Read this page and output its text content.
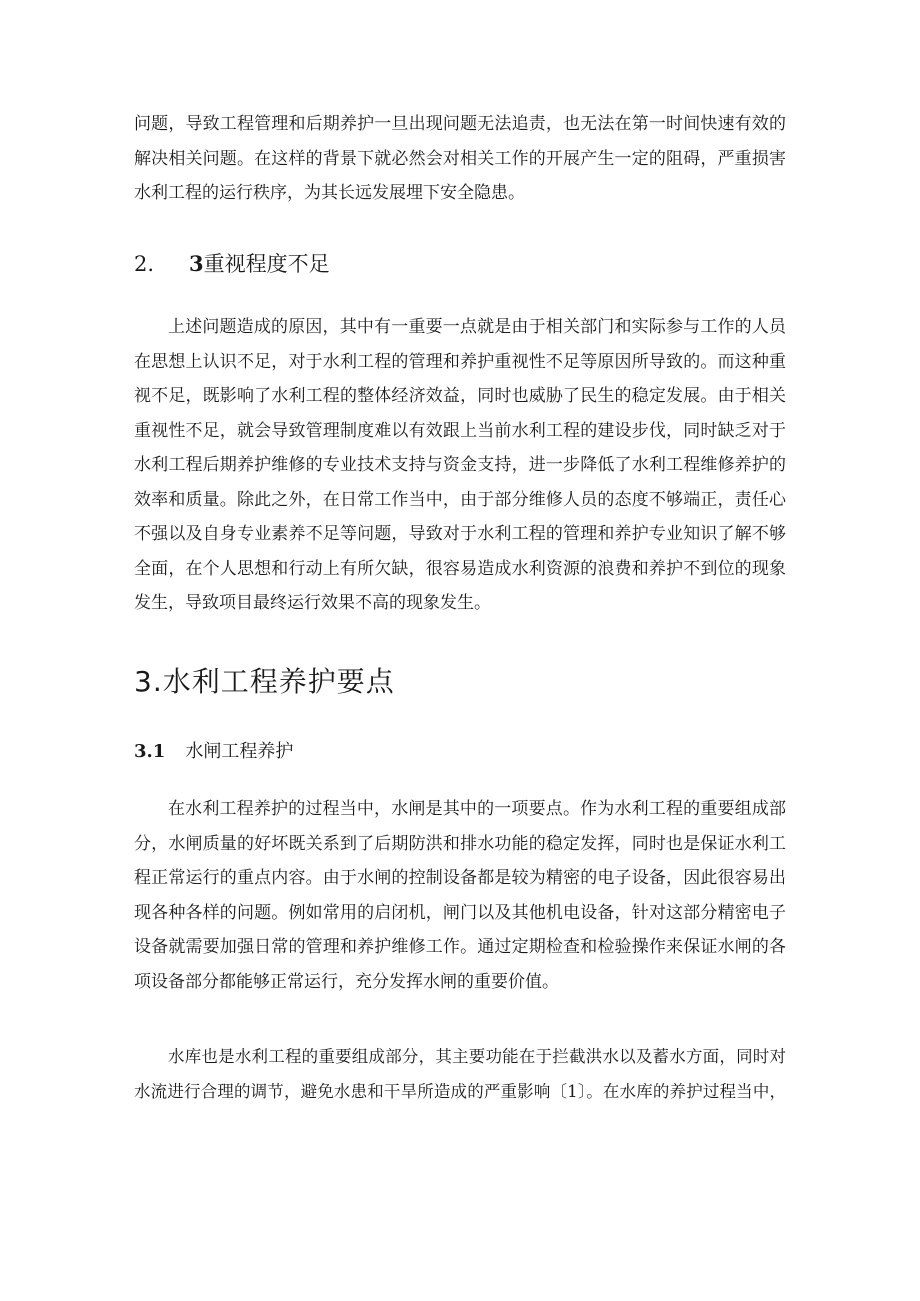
问题，导致工程管理和后期养护一旦出现问题无法追责，也无法在第一时间快速有效的
解决相关问题。在这样的背景下就必然会对相关工作的开展产生一定的阻碍，严重损害
水利工程的运行秩序，为其长远发展埋下安全隐患。
2. 3重视程度不足
上述问题造成的原因，其中有一重要一点就是由于相关部门和实际参与工作的人员
在思想上认识不足，对于水利工程的管理和养护重视性不足等原因所导致的。而这种重
视不足，既影响了水利工程的整体经济效益，同时也威胁了民生的稳定发展。由于相关
重视性不足，就会导致管理制度难以有效跟上当前水利工程的建设步伐，同时缺乏对于
水利工程后期养护维修的专业技术支持与资金支持，进一步降低了水利工程维修养护的
效率和质量。除此之外，在日常工作当中，由于部分维修人员的态度不够端正，责任心
不强以及自身专业素养不足等问题，导致对于水利工程的管理和养护专业知识了解不够
全面，在个人思想和行动上有所欠缺，很容易造成水利资源的浪费和养护不到位的现象
发生，导致项目最终运行效果不高的现象发生。
3.水利工程养护要点
3.1 水闸工程养护
在水利工程养护的过程当中，水闸是其中的一项要点。作为水利工程的重要组成部
分，水闸质量的好坏既关系到了后期防洪和排水功能的稳定发挥，同时也是保证水利工
程正常运行的重点内容。由于水闸的控制设备都是较为精密的电子设备，因此很容易出
现各种各样的问题。例如常用的启闭机，闸门以及其他机电设备，针对这部分精密电子
设备就需要加强日常的管理和养护维修工作。通过定期检查和检验操作来保证水闸的各
项设备部分都能够正常运行，充分发挥水闸的重要价值。
水库也是水利工程的重要组成部分，其主要功能在于拦截洪水以及蓄水方面，同时对
水流进行合理的调节，避免水患和干旱所造成的严重影响〔1〕。在水库的养护过程当中，
